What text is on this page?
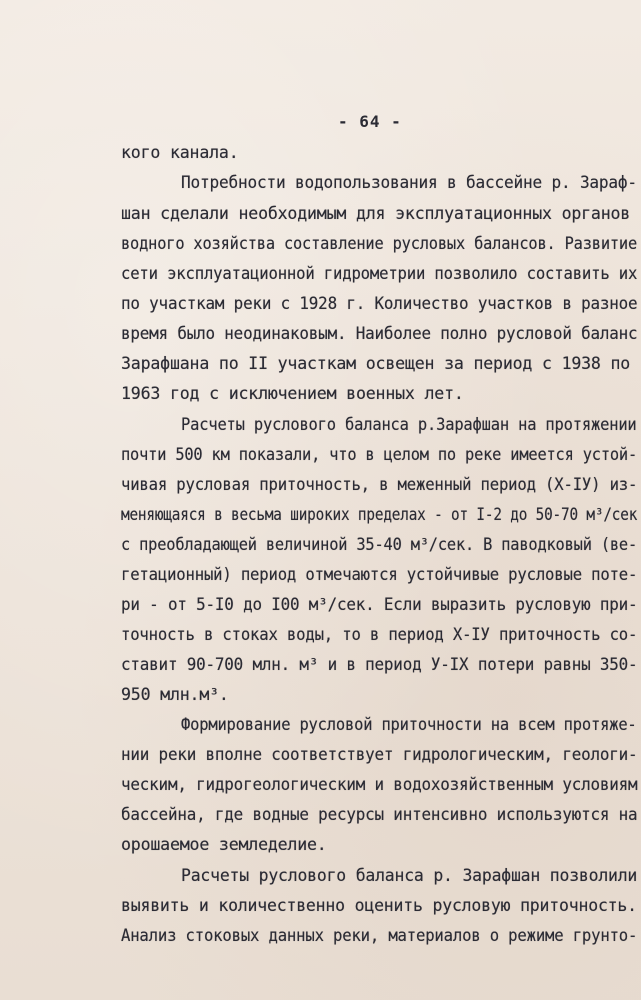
- 64 -
кого канала.
Потребности водопользования в бассейне р. Зараф-
шан сделали необходимым для эксплуатационных органов
водного хозяйства составление русловых балансов. Развитие
сети эксплуатационной гидрометрии позволило составить их
по участкам реки с 1928 г. Количество участков в разное
время было неодинаковым. Наиболее полно русловой баланс
Зарафшана по II участкам освещен за период с 1938 по
1963 год с исключением военных лет.
Расчеты руслового баланса р.Зарафшан на протяжении
почти 500 км показали, что в целом по реке имеется устой-
чивая русловая приточность, в меженный период (X-IУ) из-
меняющаяся в весьма широких пределах - от I-2 до 50-70 м³/сек
с преобладающей величиной 35-40 м³/сек. В паводковый (ве-
гетационный) период отмечаются устойчивые русловые поте-
ри - от 5-I0 до I00 м³/сек. Если выразить русловую при-
точность в стоках воды, то в период X-IУ приточность со-
ставит 90-700 млн. м³ и в период У-IX потери равны 350-
950 млн.м³.
Формирование русловой приточности на всем протяже-
нии реки вполне соответствует гидрологическим, геологи-
ческим, гидрогеологическим и водохозяйственным условиям
бассейна, где водные ресурсы интенсивно используются на
орошаемое земледелие.
Расчеты руслового баланса р. Зарафшан позволили
выявить и количественно оценить русловую приточность.
Анализ стоковых данных реки, материалов о режиме грунто-
